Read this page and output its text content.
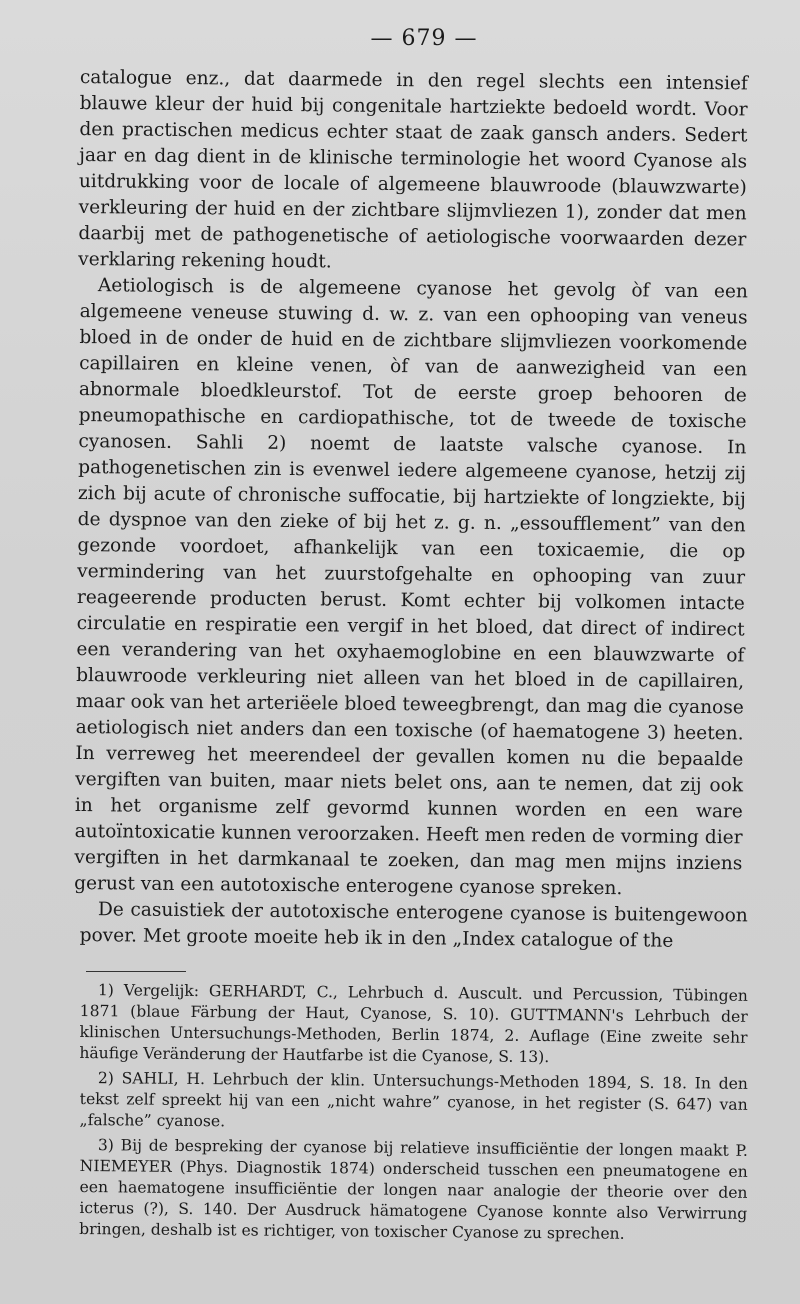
— 679 —

catalogue enz., dat daarmede in den regel slechts een intensief blauwe kleur der huid bij congenitale hartziekte bedoeld wordt. Voor den practischen medicus echter staat de zaak gansch anders. Sedert jaar en dag dient in de klinische terminologie het woord Cyanose als uitdrukking voor de locale of algemeene blauwroode (blauwzwarte) verkleuring der huid en der zichtbare slijmvliezen 1), zonder dat men daarbij met de pathogenetische of aetiologische voorwaarden dezer verklaring rekening houdt.

Aetiologisch is de algemeene cyanose het gevolg òf van een algemeene veneuse stuwing d. w. z. van een ophooping van veneus bloed in de onder de huid en de zichtbare slijmvliezen voorkomende capillairen en kleine venen, òf van de aanwezigheid van een abnormale bloedkleurstof. Tot de eerste groep behooren de pneumopathische en cardiopathische, tot de tweede de toxische cyanosen. Sahli 2) noemt de laatste valsche cyanose. In pathogenetischen zin is evenwel iedere algemeene cyanose, hetzij zij zich bij acute of chronische suffocatie, bij hartziekte of longziekte, bij de dyspnoe van den zieke of bij het z. g. n. „essoufflement” van den gezonde voordoet, afhankelijk van een toxicaemie, die op vermindering van het zuurstofgehalte en ophooping van zuur reageerende producten berust. Komt echter bij volkomen intacte circulatie en respiratie een vergif in het bloed, dat direct of indirect een verandering van het oxyhaemoglobine en een blauwzwarte of blauwroode verkleuring niet alleen van het bloed in de capillairen, maar ook van het arteriëele bloed teweegbrengt, dan mag die cyanose aetiologisch niet anders dan een toxische (of haematogene 3) heeten. In verreweg het meerendeel der gevallen komen nu die bepaalde vergiften van buiten, maar niets belet ons, aan te nemen, dat zij ook in het organisme zelf gevormd kunnen worden en een ware autoïntoxicatie kunnen veroorzaken. Heeft men reden de vorming dier vergiften in het darmkanaal te zoeken, dan mag men mijns inziens gerust van een autotoxische enterogene cyanose spreken.

De casuistiek der autotoxische enterogene cyanose is buitengewoon pover. Met groote moeite heb ik in den „Index catalogue of the

1) Vergelijk: GERHARDT, C., Lehrbuch d. Auscult. und Percussion, Tübingen 1871 (blaue Färbung der Haut, Cyanose, S. 10). GUTTMANN's Lehrbuch der klinischen Untersuchungs-Methoden, Berlin 1874, 2. Auflage (Eine zweite sehr häufige Veränderung der Hautfarbe ist die Cyanose, S. 13).

2) SAHLI, H. Lehrbuch der klin. Untersuchungs-Methoden 1894, S. 18. In den tekst zelf spreekt hij van een „nicht wahre” cyanose, in het register (S. 647) van „falsche” cyanose.

3) Bij de bespreking der cyanose bij relatieve insufficiëntie der longen maakt P. NIEMEYER (Phys. Diagnostik 1874) onderscheid tusschen een pneumatogene en een haematogene insufficiëntie der longen naar analogie der theorie over den icterus (?), S. 140. Der Ausdruck hämatogene Cyanose konnte also Verwirrung bringen, deshalb ist es richtiger, von toxischer Cyanose zu sprechen.
